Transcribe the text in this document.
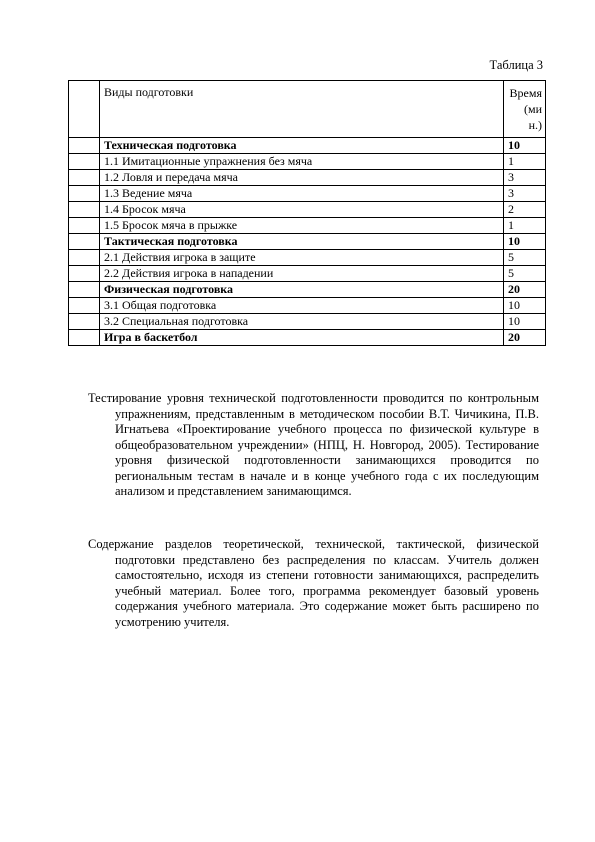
Таблица 3
	Виды подготовки	Время
(ми
н.)

	Техническая подготовка	10
	1.1 Имитационные упражнения без мяча	1
	1.2 Ловля и передача мяча	3
	1.3 Ведение мяча	3
	1.4 Бросок мяча	2
	1.5 Бросок мяча в прыжке	1
	Тактическая подготовка	10
	2.1 Действия игрока в защите	5
	2.2 Действия игрока в нападении	5
	Физическая подготовка	20
	3.1 Общая подготовка	10
	3.2 Специальная подготовка	10
	Игра в баскетбол	20

Тестирование уровня технической подготовленности проводится по контрольным упражнениям, представленным в методическом пособии В.Т. Чичикина, П.В. Игнатьева «Проектирование учебного процесса по физической культуре в общеобразовательном учреждении» (НПЦ, Н. Новгород, 2005). Тестирование уровня физической подготовленности занимающихся проводится по региональным тестам в начале и в конце учебного года с их последующим анализом и представлением занимающимся.

Содержание разделов теоретической, технической, тактической, физической подготовки представлено без распределения по классам. Учитель должен самостоятельно, исходя из степени готовности занимающихся, распределить учебный материал. Более того, программа рекомендует базовый уровень содержания учебного материала. Это содержание может быть расширено по усмотрению учителя.
